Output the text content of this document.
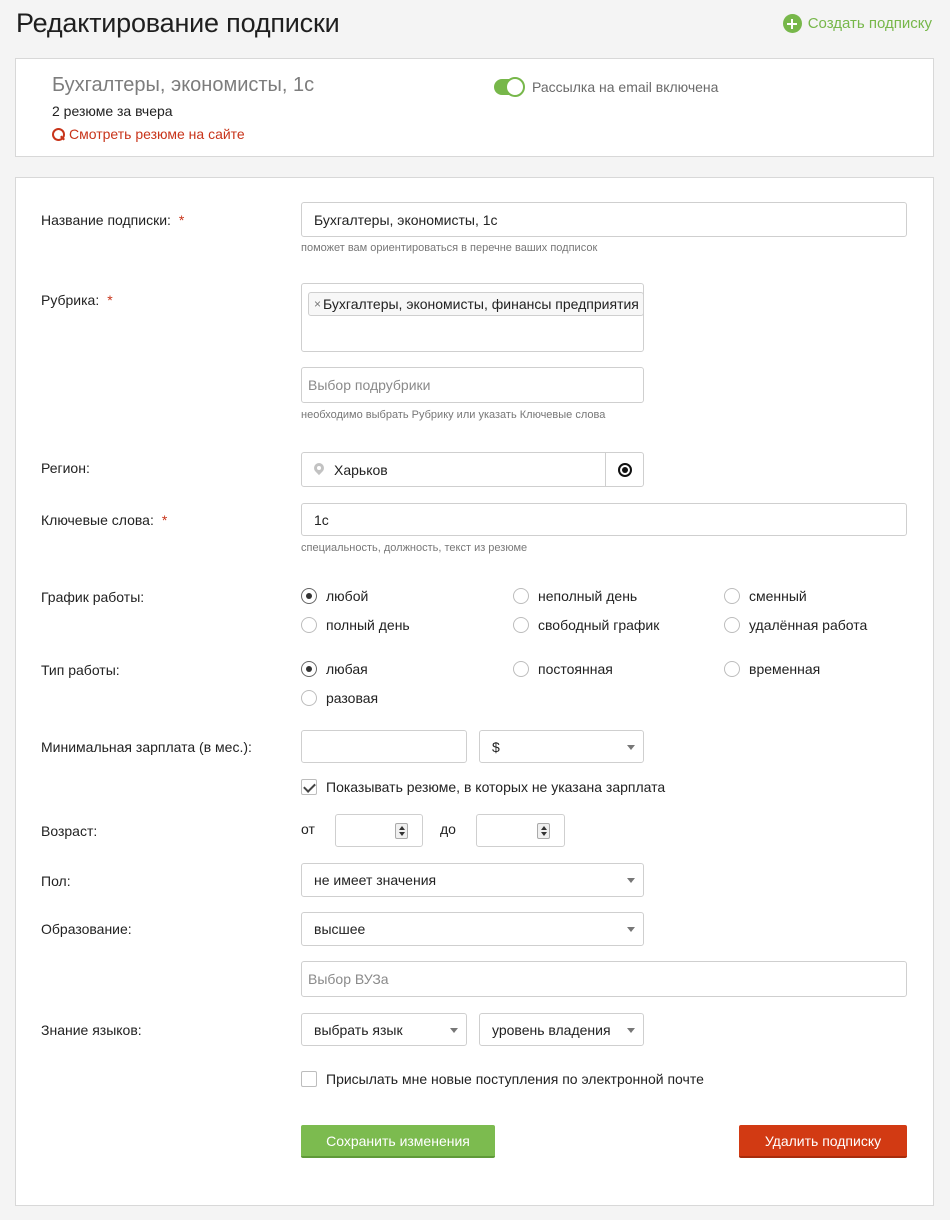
Редактирование подписки	Создать подписку
Бухгалтеры, экономисты, 1с
2 резюме за вчера
Смотреть резюме на сайте
Рассылка на email включена
Название подписки: *	Бухгалтеры, экономисты, 1с
поможет вам ориентироваться в перечне ваших подписок
Рубрика: *	× Бухгалтеры, экономисты, финансы предприятия
Выбор подрубрики
необходимо выбрать Рубрику или указать Ключевые слова
Регион:	Харьков
Ключевые слова: *	1с
специальность, должность, текст из резюме
График работы:	любой	неполный день	сменный
полный день	свободный график	удалённая работа
Тип работы:	любая	постоянная	временная
разовая
Минимальная зарплата (в мес.):	$
Показывать резюме, в которых не указана зарплата
Возраст:	от	до
Пол:	не имеет значения
Образование:	высшее
Выбор ВУЗа
Знание языков:	выбрать язык	уровень владения
Присылать мне новые поступления по электронной почте
Сохранить изменения	Удалить подписку
